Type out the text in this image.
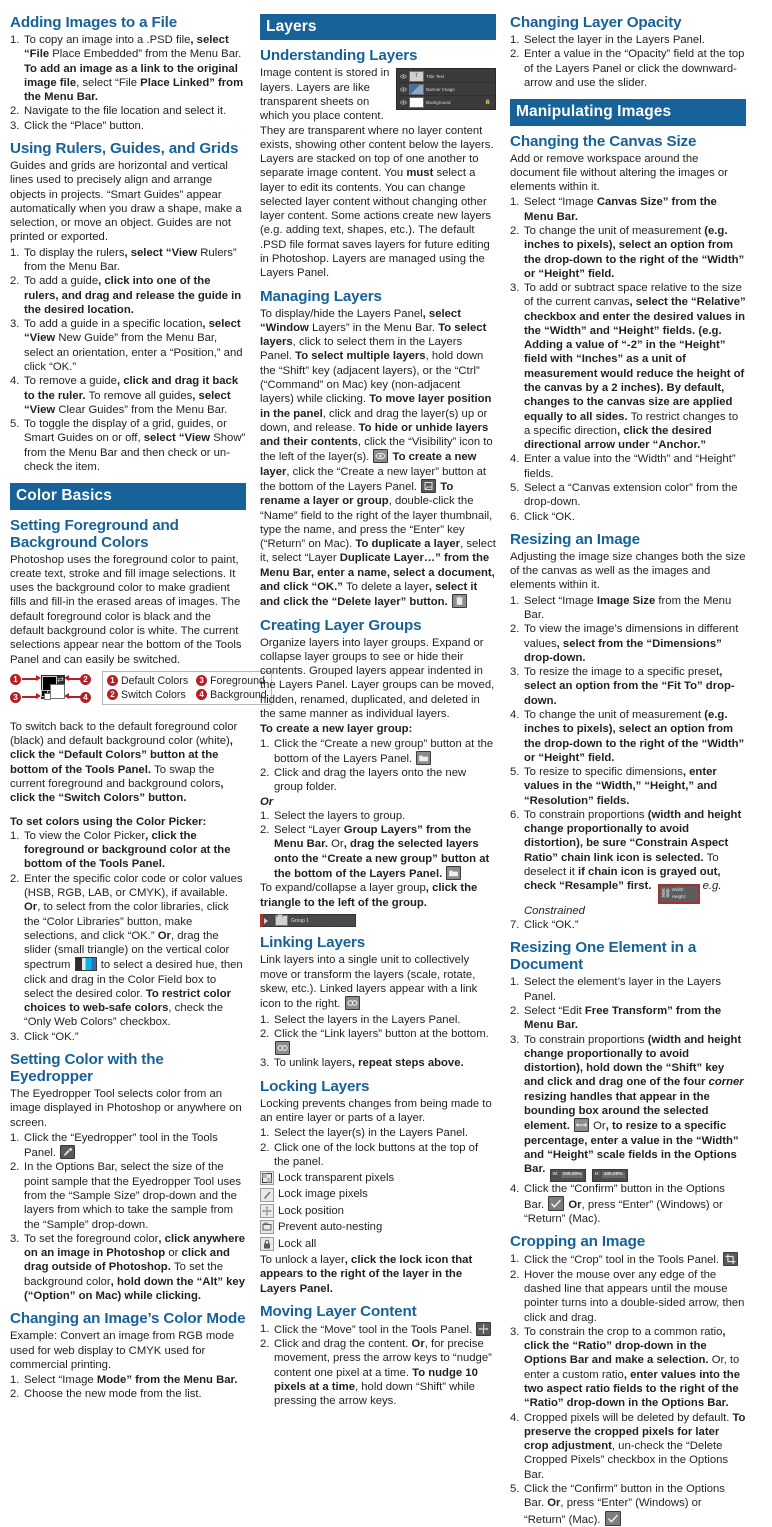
Adding Images to a File
1. To copy an image into a .PSD file, select “File Place Embedded” from the Menu Bar. To add an image as a link to the original image file, select “File Place Linked” from the Menu Bar.
2. Navigate to the file location and select it.
3. Click the “Place” button.
Using Rulers, Guides, and Grids

Guides and grids are horizontal and vertical lines used to precisely align and arrange objects in projects. “Smart Guides” appear automatically when you draw a shape, make a selection, or move an object. Guides are not printed or exported.

1. To display the rulers, select “View Rulers” from the Menu Bar.
2. To add a guide, click into one of the rulers, and drag and release the guide in the desired location.
3. To add a guide in a specific location, select “View New Guide” from the Menu Bar, select an orientation, enter a “Position,” and click “OK.”
4. To remove a guide, click and drag it back to the ruler. To remove all guides, select “View Clear Guides” from the Menu Bar.
5. To toggle the display of a grid, guides, or Smart Guides on or off, select “View Show” from the Menu Bar and then check or un-check the item.
Color Basics
Setting Foreground and Background Colors

Photoshop uses the foreground color to paint, create text, stroke and fill image selections. It uses the background color to make gradient fills and fill-in the erased areas of images. The default foreground color is black and the default background color is white. The current selections appear near the bottom of the Tools Panel and can easily be switched.

1
3
2
4
⇄	1 Default Colors	3 Foreground
2 Switch Colors	4 Background

To switch back to the default foreground color (black) and default background color (white), click the “Default Colors” button at the bottom of the Tools Panel. To swap the current foreground and background colors, click the “Switch Colors” button.

To set colors using the Color Picker:
1. To view the Color Picker, click the foreground or background color at the bottom of the Tools Panel.
2. Enter the specific color code or color values (HSB, RGB, LAB, or CMYK), if available. Or, to select from the color libraries, click the “Color Libraries” button, make selections, and click “OK.” Or, drag the slider (small triangle) on the vertical color spectrum  to select a desired hue, then click and drag in the Color Field box to select the desired color. To restrict color choices to web-safe colors, check the “Only Web Colors” checkbox.
3. Click “OK.”
Setting Color with the Eyedropper

The Eyedropper Tool selects color from an image displayed in Photoshop or anywhere on screen.

1. Click the “Eyedropper” tool in the Tools Panel.
2. In the Options Bar, select the size of the point sample that the Eyedropper Tool uses from the “Sample Size” drop-down and the layers from which to take the sample from the “Sample” drop-down.
3. To set the foreground color, click anywhere on an image in Photoshop or click and drag outside of Photoshop. To set the background color, hold down the “Alt” key (“Option” on Mac) while clicking.
Changing an Image’s Color Mode

Example: Convert an image from RGB mode used for web display to CMYK used for commercial printing.

1. Select “Image Mode” from the Menu Bar.
2. Choose the new mode from the list.
Layers
Understanding Layers
T	Title Text
Banner Image
Background	🔒

Image content is stored in layers. Layers are like transparent sheets on which you place content. They are transparent where no layer content exists, showing other content below the layers. Layers are stacked on top of one another to separate image content. You must select a layer to edit its contents. You can change selected layer content without changing other layer content. Some actions create new layers (e.g. adding text, shapes, etc.). The default .PSD file format saves layers for future editing in Photoshop. Layers are managed using the Layers Panel.

Managing Layers

To display/hide the Layers Panel, select “Window Layers” in the Menu Bar. To select layers, click to select them in the Layers Panel. To select multiple layers, hold down the “Shift” key (adjacent layers), or the “Ctrl” (“Command” on Mac) key (non-adjacent layers) while clicking. To move layer position in the panel, click and drag the layer(s) up or down, and release. To hide or unhide layers and their contents, click the “Visibility” icon to the left of the layer(s).
To create a new layer, click the “Create a new layer” button at the bottom of the Layers Panel.
To rename a layer or group, double-click the “Name” field to the right of the layer thumbnail, type the name, and press the “Enter” key (“Return” on Mac). To duplicate a layer, select it, select “Layer Duplicate Layer…” from the Menu Bar, enter a name, select a document, and click “OK.” To delete a layer, select it and click the “Delete layer” button.

Creating Layer Groups

Organize layers into layer groups. Expand or collapse layer groups to see or hide their contents. Grouped layers appear indented in the Layers Panel. Layer groups can be moved, hidden, renamed, duplicated, and deleted in the same manner as individual layers.

To create a new layer group:
1. Click the “Create a new group” button at the bottom of the Layers Panel.
2. Click and drag the layers onto the new group folder.
Or
1. Select the layers to group.
2. Select “Layer Group Layers” from the Menu Bar. Or, drag the selected layers onto the “Create a new group” button at the bottom of the Layers Panel.

To expand/collapse a layer group, click the triangle to the left of the group.
Group 1

Linking Layers

Link layers into a single unit to collectively move or transform the layers (scale, rotate, skew, etc.). Linked layers appear with a link icon to the right.

1. Select the layers in the Layers Panel.
2. Click the “Link layers” button at the bottom.
3. To unlink layers, repeat steps above.
Locking Layers

Locking prevents changes from being made to an entire layer or parts of a layer.

1. Select the layer(s) in the Layers Panel.
2. Click one of the lock buttons at the top of the panel.
Lock transparent pixels
Lock image pixels
Lock position
Prevent auto-nesting
Lock all

To unlock a layer, click the lock icon that appears to the right of the layer in the Layers Panel.

Moving Layer Content
1. Click the “Move” tool in the Tools Panel.
2. Click and drag the content. Or, for precise movement, press the arrow keys to “nudge” content one pixel at a time. To nudge 10 pixels at a time, hold down “Shift” while pressing the arrow keys.
Changing Layer Opacity
1. Select the layer in the Layers Panel.
2. Enter a value in the “Opacity” field at the top of the Layers Panel or click the downward-arrow and use the slider.
Manipulating Images
Changing the Canvas Size

Add or remove workspace around the document file without altering the images or elements within it.

1. Select “Image Canvas Size” from the Menu Bar.
2. To change the unit of measurement (e.g. inches to pixels), select an option from the drop-down to the right of the “Width” or “Height” field.
3. To add or subtract space relative to the size of the current canvas, select the “Relative” checkbox and enter the desired values in the “Width” and “Height” fields. (e.g. Adding a value of “-2” in the “Height” field with “Inches” as a unit of measurement would reduce the height of the canvas by a 2 inches). By default, changes to the canvas size are applied equally to all sides. To restrict changes to a specific direction, click the desired directional arrow under “Anchor.”
4. Enter a value into the “Width” and “Height” fields.
5. Select a “Canvas extension color” from the drop-down.
6. Click “OK.
Resizing an Image

Adjusting the image size changes both the size of the canvas as well as the images and elements within it.

1. Select “Image Image Size from the Menu Bar.
2. To view the image’s dimensions in different values, select from the “Dimensions” drop-down.
3. To resize the image to a specific preset, select an option from the “Fit To” drop-down.
4. To change the unit of measurement (e.g. inches to pixels), select an option from the drop-down to the right of the “Width” or “Height” field.
5. To resize to specific dimensions, enter values in the “Width,” “Height,” and “Resolution” fields.
6. To constrain proportions (width and height change proportionally to avoid distortion), be sure “Constrain Aspect Ratio” chain link icon is selected. To deselect it if chain icon is grayed out, check “Resample” first.
⛓ Width:
Height:
e.g. Constrained
7. Click “OK.”
Resizing One Element in a Document
1. Select the element’s layer in the Layers Panel.
2. Select “Edit Free Transform” from the Menu Bar.
3. To constrain proportions (width and height change proportionally to avoid distortion), hold down the “Shift” key and click and drag one of the four corner resizing handles that appear in the bounding box around the selected element.
Or, to resize to a specific percentage, enter a value in the “Width” and “Height” scale fields in the Options Bar. W: 100.00%
	H: 100.00%
4. Click the “Confirm” button in the Options Bar.
Or, press “Enter” (Windows) or “Return” (Mac).
Cropping an Image
1. Click the “Crop” tool in the Tools Panel.
2. Hover the mouse over any edge of the dashed line that appears until the mouse pointer turns into a double-sided arrow, then click and drag.
3. To constrain the crop to a common ratio, click the “Ratio” drop-down in the Options Bar and make a selection. Or, to enter a custom ratio, enter values into the two aspect ratio fields to the right of the “Ratio” drop-down in the Options Bar.
4. Cropped pixels will be deleted by default. To preserve the cropped pixels for later crop adjustment, un-check the “Delete Cropped Pixels” checkbox in the Options Bar.
5. Click the “Confirm” button in the Options Bar. Or, press “Enter” (Windows) or “Return” (Mac).
